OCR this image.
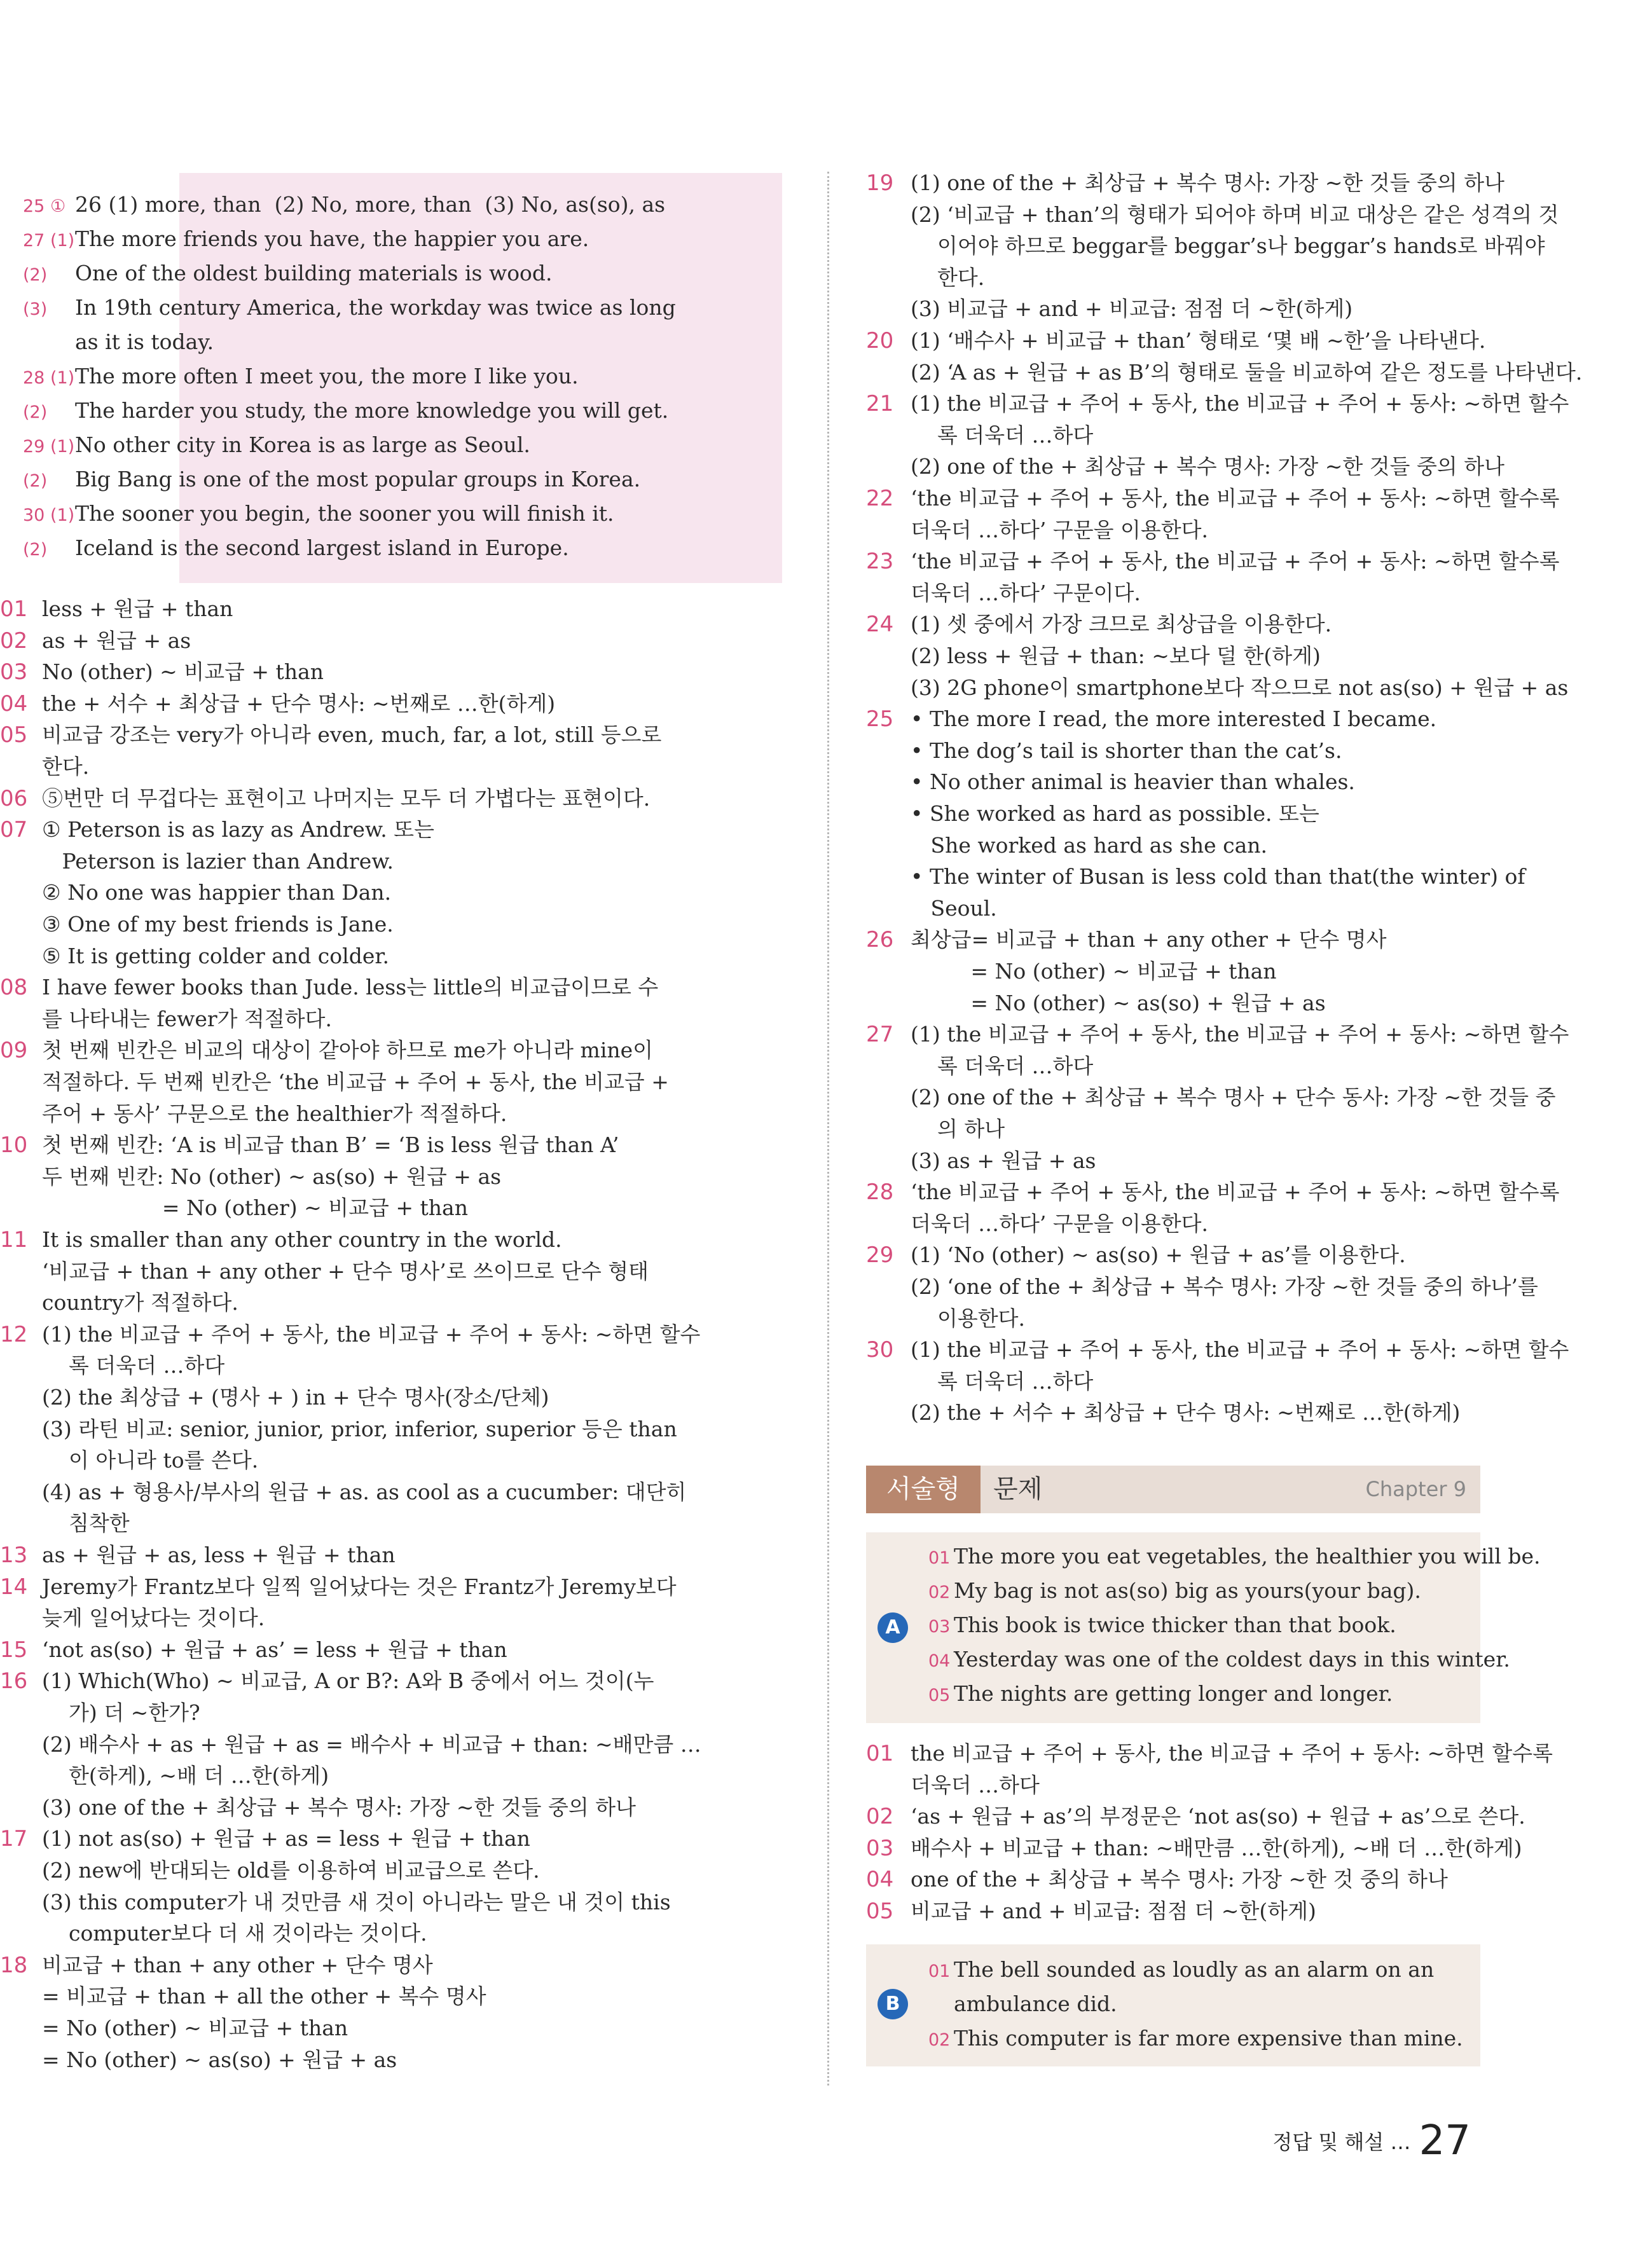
25 ① 26 (1) more, than  (2) No, more, than  (3) No, as(so), as
27 (1)The more friends you have, the happier you are.
(2) One of the oldest building materials is wood.
(3) In 19th century America, the workday was twice as long
as it is today.
28 (1)The more often I meet you, the more I like you.
(2) The harder you study, the more knowledge you will get.
29 (1)No other city in Korea is as large as Seoul.
(2) Big Bang is one of the most popular groups in Korea.
30 (1)The sooner you begin, the sooner you will finish it.
(2) Iceland is the second largest island in Europe.
01 less + 원급 + than
02 as + 원급 + as
03 No (other) ~ 비교급 + than
04 the + 서수 + 최상급 + 단수 명사: ~번째로 …한(하게)
05 비교급 강조는 very가 아니라 even, much, far, a lot, still 등으로
한다.
06 ⑤번만 더 무겁다는 표현이고 나머지는 모두 더 가볍다는 표현이다.
07 ① Peterson is as lazy as Andrew. 또는
Peterson is lazier than Andrew.
② No one was happier than Dan.
③ One of my best friends is Jane.
⑤ It is getting colder and colder.
08 I have fewer books than Jude. less는 little의 비교급이므로 수
를 나타내는 fewer가 적절하다.
09 첫 번째 빈칸은 비교의 대상이 같아야 하므로 me가 아니라 mine이
적절하다. 두 번째 빈칸은 ‘the 비교급 + 주어 + 동사, the 비교급 +
주어 + 동사’ 구문으로 the healthier가 적절하다.
10 첫 번째 빈칸: ‘A is 비교급 than B’ = ‘B is less 원급 than A’
두 번째 빈칸: No (other) ~ as(so) + 원급 + as
= No (other) ~ 비교급 + than
11 It is smaller than any other country in the world.
‘비교급 + than + any other + 단수 명사’로 쓰이므로 단수 형태
country가 적절하다.
12 (1) the 비교급 + 주어 + 동사, the 비교급 + 주어 + 동사: ~하면 할수
록 더욱더 …하다
(2) the 최상급 + (명사 + ) in + 단수 명사(장소/단체)
(3) 라틴 비교: senior, junior, prior, inferior, superior 등은 than
이 아니라 to를 쓴다.
(4) as + 형용사/부사의 원급 + as. as cool as a cucumber: 대단히
침착한
13 as + 원급 + as, less + 원급 + than
14 Jeremy가 Frantz보다 일찍 일어났다는 것은 Frantz가 Jeremy보다
늦게 일어났다는 것이다.
15 ‘not as(so) + 원급 + as’ = less + 원급 + than
16 (1) Which(Who) ~ 비교급, A or B?: A와 B 중에서 어느 것이(누
가) 더 ~한가?
(2) 배수사 + as + 원급 + as = 배수사 + 비교급 + than: ~배만큼 …
한(하게), ~배 더 …한(하게)
(3) one of the + 최상급 + 복수 명사: 가장 ~한 것들 중의 하나
17 (1) not as(so) + 원급 + as = less + 원급 + than
(2) new에 반대되는 old를 이용하여 비교급으로 쓴다.
(3) this computer가 내 것만큼 새 것이 아니라는 말은 내 것이 this
computer보다 더 새 것이라는 것이다.
18 비교급 + than + any other + 단수 명사
= 비교급 + than + all the other + 복수 명사
= No (other) ~ 비교급 + than
= No (other) ~ as(so) + 원급 + as
19 (1) one of the + 최상급 + 복수 명사: 가장 ~한 것들 중의 하나
(2) ‘비교급 + than’의 형태가 되어야 하며 비교 대상은 같은 성격의 것
이어야 하므로 beggar를 beggar’s나 beggar’s hands로 바꿔야
한다.
(3) 비교급 + and + 비교급: 점점 더 ~한(하게)
20 (1) ‘배수사 + 비교급 + than’ 형태로 ‘몇 배 ~한’을 나타낸다.
(2) ‘A as + 원급 + as B’의 형태로 둘을 비교하여 같은 정도를 나타낸다.
21 (1) the 비교급 + 주어 + 동사, the 비교급 + 주어 + 동사: ~하면 할수
록 더욱더 …하다
(2) one of the + 최상급 + 복수 명사: 가장 ~한 것들 중의 하나
22 ‘the 비교급 + 주어 + 동사, the 비교급 + 주어 + 동사: ~하면 할수록
더욱더 …하다’ 구문을 이용한다.
23 ‘the 비교급 + 주어 + 동사, the 비교급 + 주어 + 동사: ~하면 할수록
더욱더 …하다’ 구문이다.
24 (1) 셋 중에서 가장 크므로 최상급을 이용한다.
(2) less + 원급 + than: ~보다 덜 한(하게)
(3) 2G phone이 smartphone보다 작으므로 not as(so) + 원급 + as
25 • The more I read, the more interested I became.
• The dog’s tail is shorter than the cat’s.
• No other animal is heavier than whales.
• She worked as hard as possible. 또는
She worked as hard as she can.
• The winter of Busan is less cold than that(the winter) of
Seoul.
26 최상급= 비교급 + than + any other + 단수 명사
= No (other) ~ 비교급 + than
= No (other) ~ as(so) + 원급 + as
27 (1) the 비교급 + 주어 + 동사, the 비교급 + 주어 + 동사: ~하면 할수
록 더욱더 …하다
(2) one of the + 최상급 + 복수 명사 + 단수 동사: 가장 ~한 것들 중
의 하나
(3) as + 원급 + as
28 ‘the 비교급 + 주어 + 동사, the 비교급 + 주어 + 동사: ~하면 할수록
더욱더 …하다’ 구문을 이용한다.
29 (1) ‘No (other) ~ as(so) + 원급 + as’를 이용한다.
(2) ‘one of the + 최상급 + 복수 명사: 가장 ~한 것들 중의 하나’를
이용한다.
30 (1) the 비교급 + 주어 + 동사, the 비교급 + 주어 + 동사: ~하면 할수
록 더욱더 …하다
(2) the + 서수 + 최상급 + 단수 명사: ~번째로 …한(하게)
서술형	문제	Chapter 9
A
01 The more you eat vegetables, the healthier you will be.
02 My bag is not as(so) big as yours(your bag).
03 This book is twice thicker than that book.
04 Yesterday was one of the coldest days in this winter.
05 The nights are getting longer and longer.
01 the 비교급 + 주어 + 동사, the 비교급 + 주어 + 동사: ~하면 할수록
더욱더 …하다
02 ‘as + 원급 + as’의 부정문은 ‘not as(so) + 원급 + as’으로 쓴다.
03 배수사 + 비교급 + than: ~배만큼 …한(하게), ~배 더 …한(하게)
04 one of the + 최상급 + 복수 명사: 가장 ~한 것 중의 하나
05 비교급 + and + 비교급: 점점 더 ~한(하게)
B
01 The bell sounded as loudly as an alarm on an
ambulance did.
02 This computer is far more expensive than mine.
정답 및 해설 … 27
